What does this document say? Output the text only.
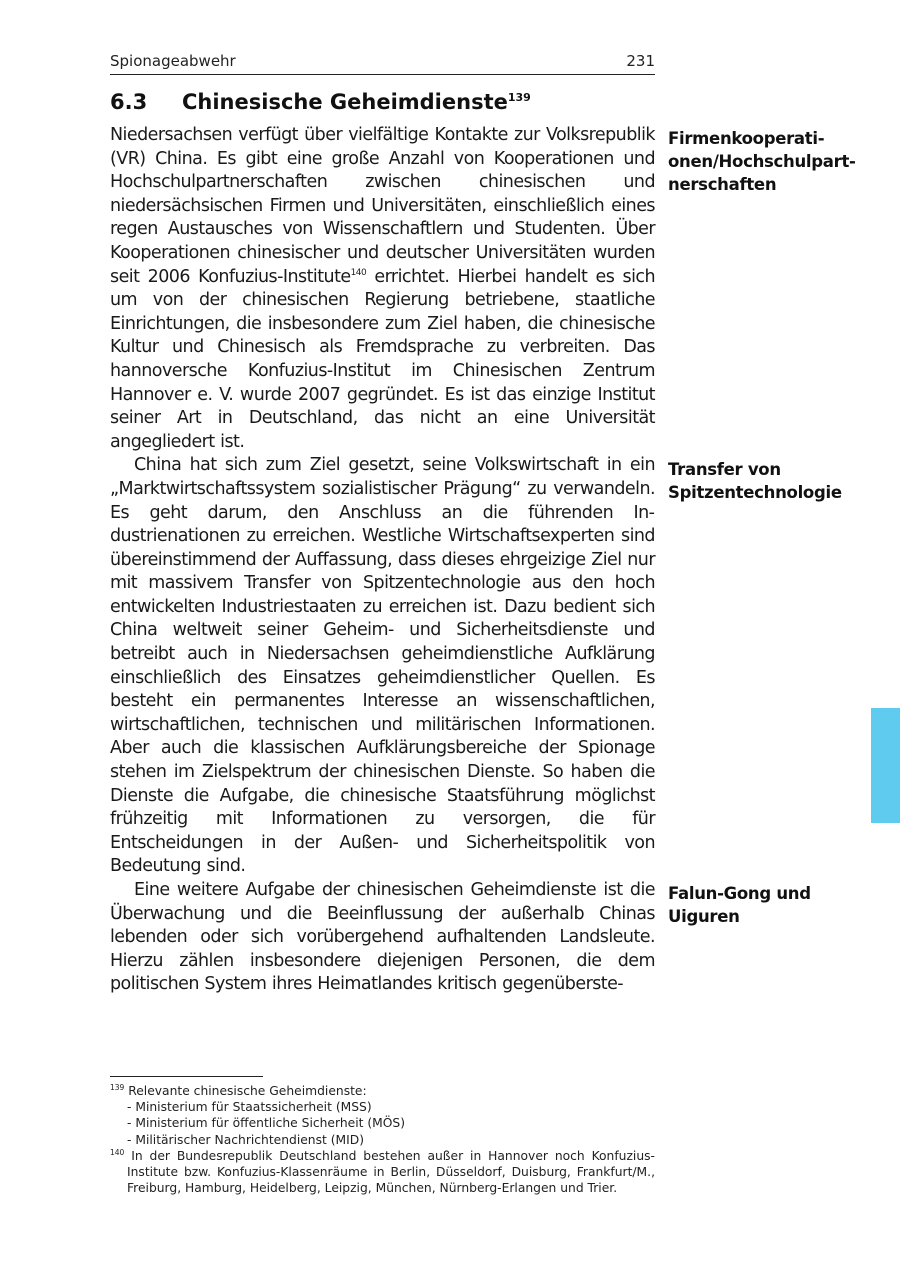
Spionageabwehr	231
6.3 Chinesische Geheimdienste$^{139}$

Niedersachsen verfügt über vielfältige Kontakte zur Volksrepublik (VR) China. Es gibt eine große Anzahl von Kooperationen und Hochschulpartnerschaften zwischen chinesischen und niedersächsischen Firmen und Universitäten, einschließlich eines regen Austausches von Wissenschaftlern und Studenten. Über Kooperationen chinesischer und deutscher Universitäten wurden seit 2006 Konfuzius-Institute$^{140}$ errichtet. Hierbei handelt es sich um von der chinesischen Regierung betriebene, staatliche Einrichtungen, die insbesondere zum Ziel haben, die chinesische Kultur und Chinesisch als Fremdsprache zu verbreiten. Das hannoversche Konfuzius-Institut im Chinesischen Zentrum Hannover e. V. wurde 2007 gegründet. Es ist das einzige Institut seiner Art in Deutschland, das nicht an eine Universität angegliedert ist.

China hat sich zum Ziel gesetzt, seine Volkswirtschaft in ein „Marktwirtschaftssystem sozialistischer Prägung“ zu verwandeln. Es geht darum, den Anschluss an die führenden Industrienationen zu erreichen. Westliche Wirtschaftsexperten sind übereinstimmend der Auffassung, dass dieses ehrgeizige Ziel nur mit massivem Transfer von Spitzentechnologie aus den hoch entwickelten Industriestaaten zu erreichen ist. Dazu bedient sich China weltweit seiner Geheim- und Sicherheitsdienste und betreibt auch in Niedersachsen geheimdienstliche Aufklärung einschließlich des Einsatzes geheimdienstlicher Quellen. Es besteht ein permanentes Interesse an wissenschaftlichen, wirtschaftlichen, technischen und militärischen Informationen. Aber auch die klassischen Aufklärungsbereiche der Spionage stehen im Zielspektrum der chinesischen Dienste. So haben die Dienste die Aufgabe, die chinesische Staatsführung möglichst frühzeitig mit Informationen zu versorgen, die für Entscheidungen in der Außen- und Sicherheitspolitik von Bedeutung sind.

Eine weitere Aufgabe der chinesischen Geheimdienste ist die Überwachung und die Beeinflussung der außerhalb Chinas lebenden oder sich vorübergehend aufhaltenden Landsleute. Hierzu zählen insbesondere diejenigen Personen, die dem politischen System ihres Heimatlandes kritisch gegenüberste-

Firmenkooperationen/Hochschulpartnerschaften
Transfer von Spitzentechnologie
Falun-Gong und Uiguren

$^{139}$ Relevante chinesische Geheimdienste:

- Ministerium für Staatssicherheit (MSS)

- Ministerium für öffentliche Sicherheit (MÖS)

- Militärischer Nachrichtendienst (MID)

$^{140}$ In der Bundesrepublik Deutschland bestehen außer in Hannover noch Konfuzius-Institute bzw. Konfuzius-Klassenräume in Berlin, Düsseldorf, Duisburg, Frankfurt/M., Freiburg, Hamburg, Heidelberg, Leipzig, München, Nürnberg-Erlangen und Trier.
